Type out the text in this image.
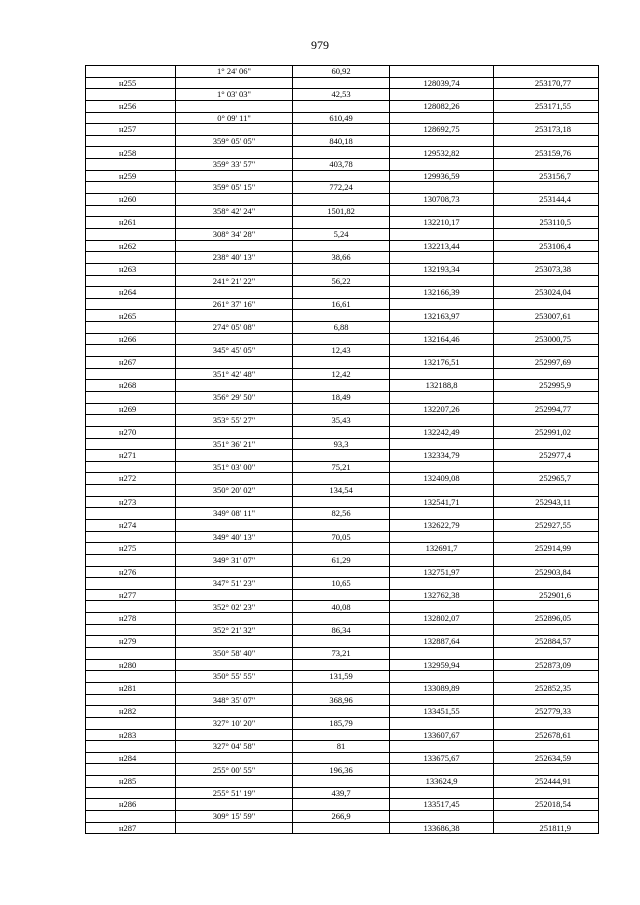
979
	1° 24' 06"	60,92		
н255			128039,74	253170,77
	1° 03' 03"	42,53		
н256			128082,26	253171,55
	0° 09' 11"	610,49		
н257			128692,75	253173,18
	359° 05' 05"	840,18		
н258			129532,82	253159,76
	359° 33' 57"	403,78		
н259			129936,59	253156,7
	359° 05' 15"	772,24		
н260			130708,73	253144,4
	358° 42' 24"	1501,82		
н261			132210,17	253110,5
	308° 34' 28"	5,24		
н262			132213,44	253106,4
	238° 40' 13"	38,66		
н263			132193,34	253073,38
	241° 21' 22"	56,22		
н264			132166,39	253024,04
	261° 37' 16"	16,61		
н265			132163,97	253007,61
	274° 05' 08"	6,88		
н266			132164,46	253000,75
	345° 45' 05"	12,43		
н267			132176,51	252997,69
	351° 42' 48"	12,42		
н268			132188,8	252995,9
	356° 29' 50"	18,49		
н269			132207,26	252994,77
	353° 55' 27"	35,43		
н270			132242,49	252991,02
	351° 36' 21"	93,3		
н271			132334,79	252977,4
	351° 03' 00"	75,21		
н272			132409,08	252965,7
	350° 20' 02"	134,54		
н273			132541,71	252943,11
	349° 08' 11"	82,56		
н274			132622,79	252927,55
	349° 40' 13"	70,05		
н275			132691,7	252914,99
	349° 31' 07"	61,29		
н276			132751,97	252903,84
	347° 51' 23"	10,65		
н277			132762,38	252901,6
	352° 02' 23"	40,08		
н278			132802,07	252896,05
	352° 21' 32"	86,34		
н279			132887,64	252884,57
	350° 58' 40"	73,21		
н280			132959,94	252873,09
	350° 55' 55"	131,59		
н281			133089,89	252852,35
	348° 35' 07"	368,96		
н282			133451,55	252779,33
	327° 10' 20"	185,79		
н283			133607,67	252678,61
	327° 04' 58"	81		
н284			133675,67	252634,59
	255° 00' 55"	196,36		
н285			133624,9	252444,91
	255° 51' 19"	439,7		
н286			133517,45	252018,54
	309° 15' 59"	266,9		
н287			133686,38	251811,9
